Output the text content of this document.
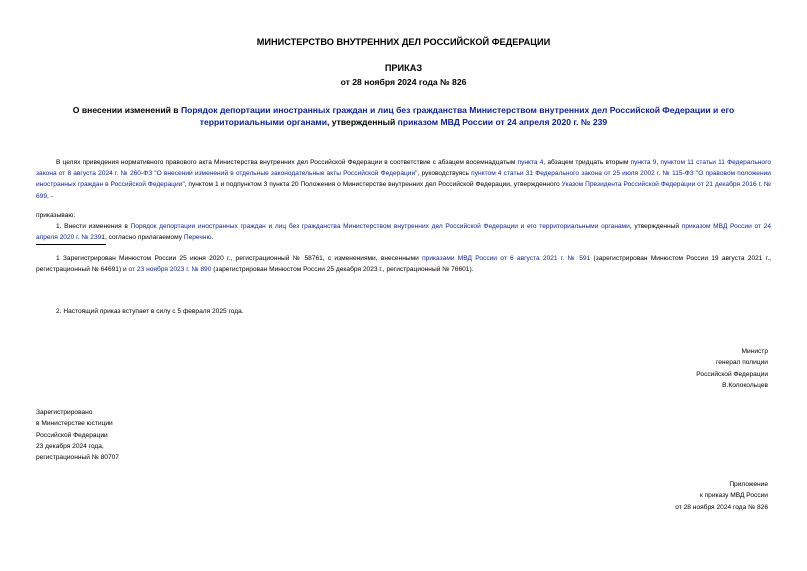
МИНИСТЕРСТВО ВНУТРЕННИХ ДЕЛ РОССИЙСКОЙ ФЕДЕРАЦИИ
ПРИКАЗ
от 28 ноября 2024 года № 826
О внесении изменений в Порядок депортации иностранных граждан и лиц без гражданства Министерством внутренних дел Российской Федерации и его территориальными органами, утвержденный приказом МВД России от 24 апреля 2020 г. № 239
В целях приведения нормативного правового акта Министерства внутренних дел Российской Федерации в соответствие с абзацем восемнадцатым пункта 4, абзацем тридцать вторым пункта 9, пунктом 11 статьи 11 Федерального закона от 8 августа 2024 г. № 260-ФЗ "О внесении изменений в отдельные законодательные акты Российской Федерации", руководствуясь пунктом 4 статьи 31 Федерального закона от 25 июля 2002 г. № 115-ФЗ "О правовом положении иностранных граждан в Российской Федерации", пунктом 1 и подпунктом 3 пункта 20 Положения о Министерстве внутренних дел Российской Федерации, утвержденного Указом Президента Российской Федерации от 21 декабря 2016 г. № 699, -
приказываю:
1. Внести изменения в Порядок депортации иностранных граждан и лиц без гражданства Министерством внутренних дел Российской Федерации и его территориальными органами, утвержденный приказом МВД России от 24 апреля 2020 г. № 2391, согласно прилагаемому Перечню.
1 Зарегистрирован Минюстом России 25 июня 2020 г., регистрационный № 58761, с изменениями, внесенными приказами МВД России от 6 августа 2021 г. № 591 (зарегистрирован Минюстом России 19 августа 2021 г., регистрационный № 64691) и от 23 ноября 2023 г. № 890 (зарегистрирован Минюстом России 25 декабря 2023 г., регистрационный № 76601).
2. Настоящий приказ вступает в силу с 5 февраля 2025 года.
Министр
генерал полиции
Российской Федерации
В.Колокольцев
Зарегистрировано
в Министерстве юстиции
Российской Федерации
23 декабря 2024 года,
регистрационный № 80707
Приложение
к приказу МВД России
от 28 ноября 2024 года № 826
